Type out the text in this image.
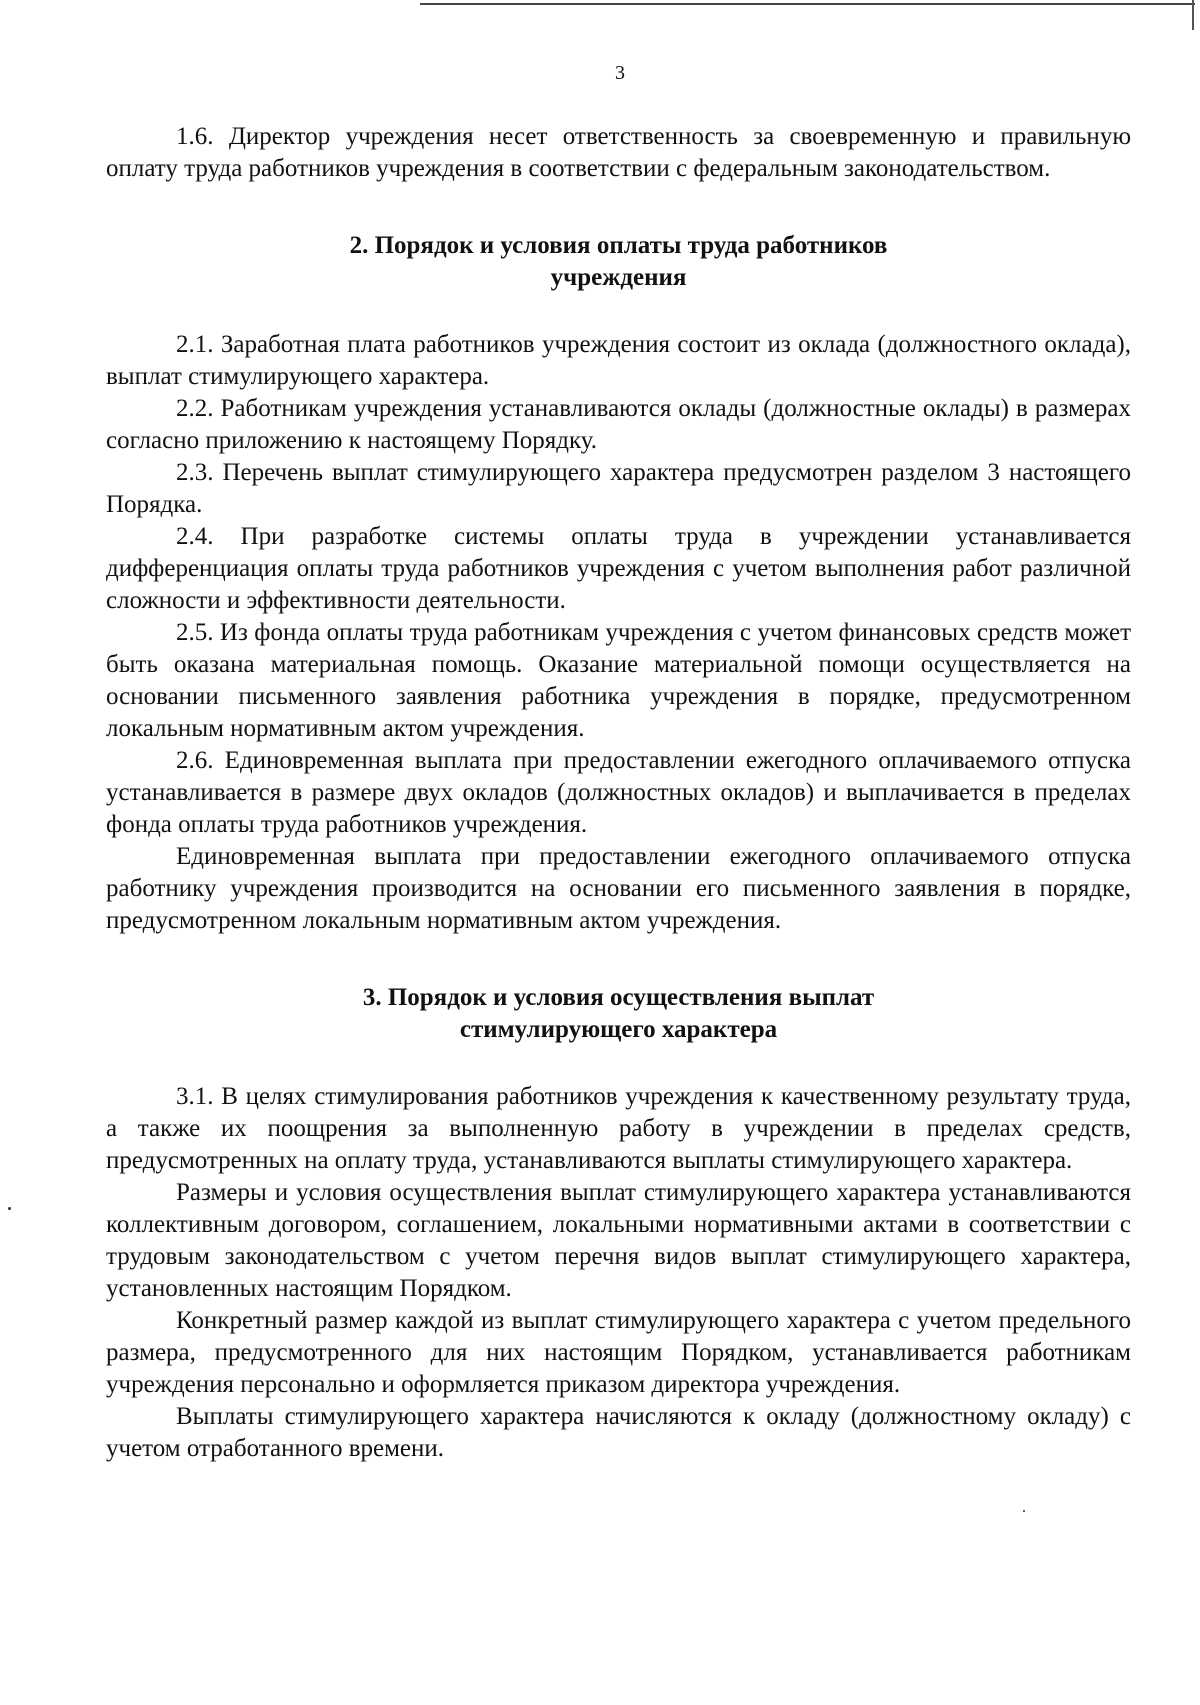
3

1.6. Директор учреждения несет ответственность за своевременную и правильную оплату труда работников учреждения в соответствии с федеральным законодательством.

2. Порядок и условия оплаты труда работников
учреждения

2.1. Заработная плата работников учреждения состоит из оклада (должностного оклада), выплат стимулирующего характера.

2.2. Работникам учреждения устанавливаются оклады (должностные оклады) в размерах согласно приложению к настоящему Порядку.

2.3. Перечень выплат стимулирующего характера предусмотрен разделом 3 настоящего Порядка.

2.4. При разработке системы оплаты труда в учреждении устанавливается дифференциация оплаты труда работников учреждения с учетом выполнения работ различной сложности и эффективности деятельности.

2.5. Из фонда оплаты труда работникам учреждения с учетом финансовых средств может быть оказана материальная помощь. Оказание материальной помощи осуществляется на основании письменного заявления работника учреждения в порядке, предусмотренном локальным нормативным актом учреждения.

2.6. Единовременная выплата при предоставлении ежегодного оплачиваемого отпуска устанавливается в размере двух окладов (должностных окладов) и выплачивается в пределах фонда оплаты труда работников учреждения.

Единовременная выплата при предоставлении ежегодного оплачиваемого отпуска работнику учреждения производится на основании его письменного заявления в порядке, предусмотренном локальным нормативным актом учреждения.

3. Порядок и условия осуществления выплат
стимулирующего характера

3.1. В целях стимулирования работников учреждения к качественному результату труда, а также их поощрения за выполненную работу в учреждении в пределах средств, предусмотренных на оплату труда, устанавливаются выплаты стимулирующего характера.

Размеры и условия осуществления выплат стимулирующего характера устанавливаются коллективным договором, соглашением, локальными нормативными актами в соответствии с трудовым законодательством с учетом перечня видов выплат стимулирующего характера, установленных настоящим Порядком.

Конкретный размер каждой из выплат стимулирующего характера с учетом предельного размера, предусмотренного для них настоящим Порядком, устанавливается работникам учреждения персонально и оформляется приказом директора учреждения.

Выплаты стимулирующего характера начисляются к окладу (должностному окладу) с учетом отработанного времени.
